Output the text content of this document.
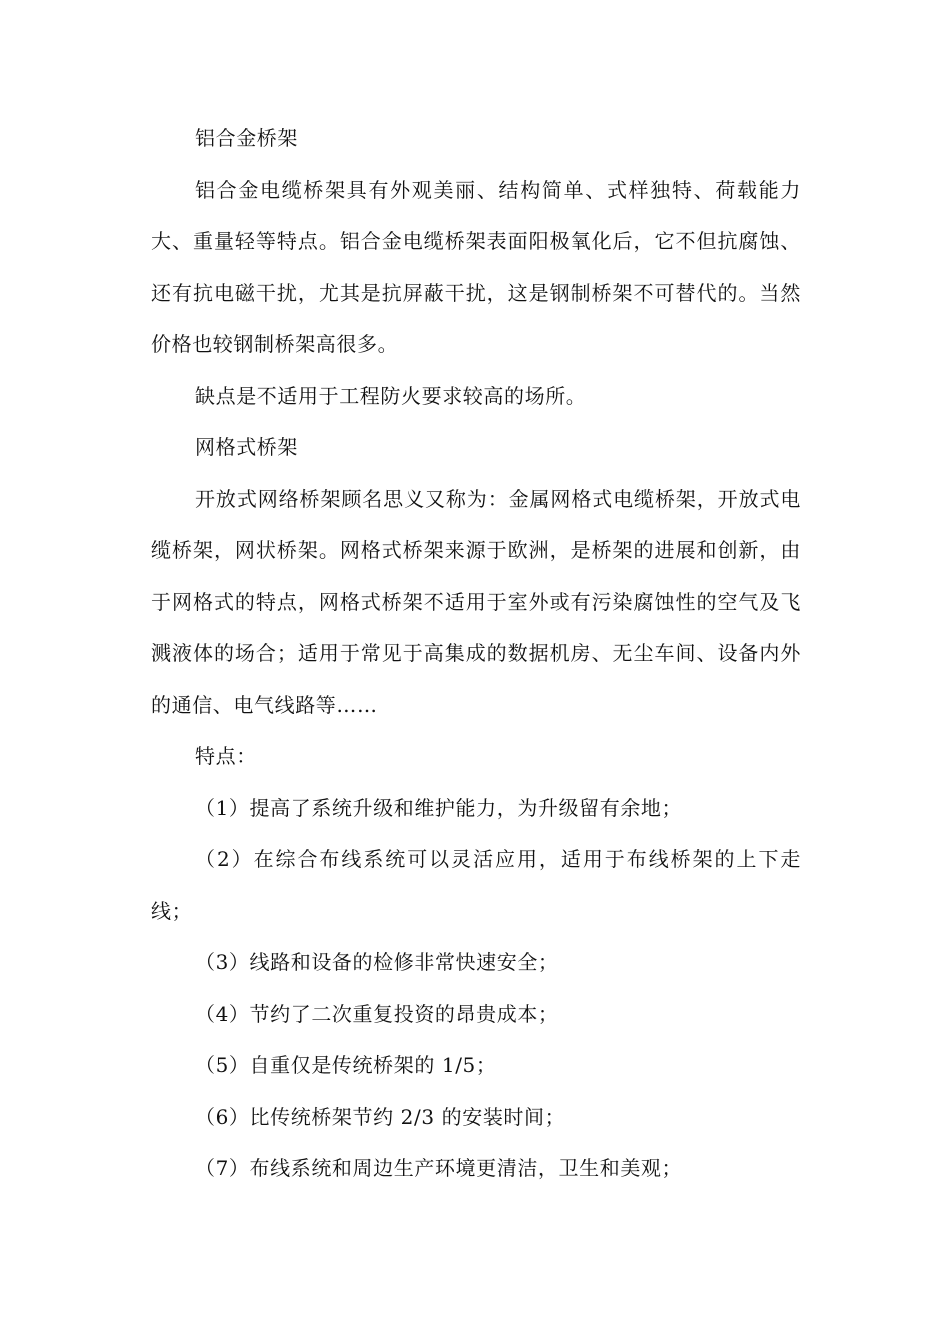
铝合金桥架

铝合金电缆桥架具有外观美丽、结构简单、式样独特、荷载能力大、重量轻等特点。铝合金电缆桥架表面阳极氧化后，它不但抗腐蚀、还有抗电磁干扰，尤其是抗屏蔽干扰，这是钢制桥架不可替代的。当然价格也较钢制桥架高很多。

缺点是不适用于工程防火要求较高的场所。

网格式桥架

开放式网络桥架顾名思义又称为：金属网格式电缆桥架，开放式电缆桥架，网状桥架。网格式桥架来源于欧洲，是桥架的进展和创新，由于网格式的特点，网格式桥架不适用于室外或有污染腐蚀性的空气及飞溅液体的场合；适用于常见于高集成的数据机房、无尘车间、设备内外的通信、电气线路等……

特点：

（1）提高了系统升级和维护能力，为升级留有余地；

（2）在综合布线系统可以灵活应用，适用于布线桥架的上下走线；

（3）线路和设备的检修非常快速安全；

（4）节约了二次重复投资的昂贵成本；

（5）自重仅是传统桥架的 1/5；

（6）比传统桥架节约 2/3 的安装时间；

（7）布线系统和周边生产环境更清洁，卫生和美观；
